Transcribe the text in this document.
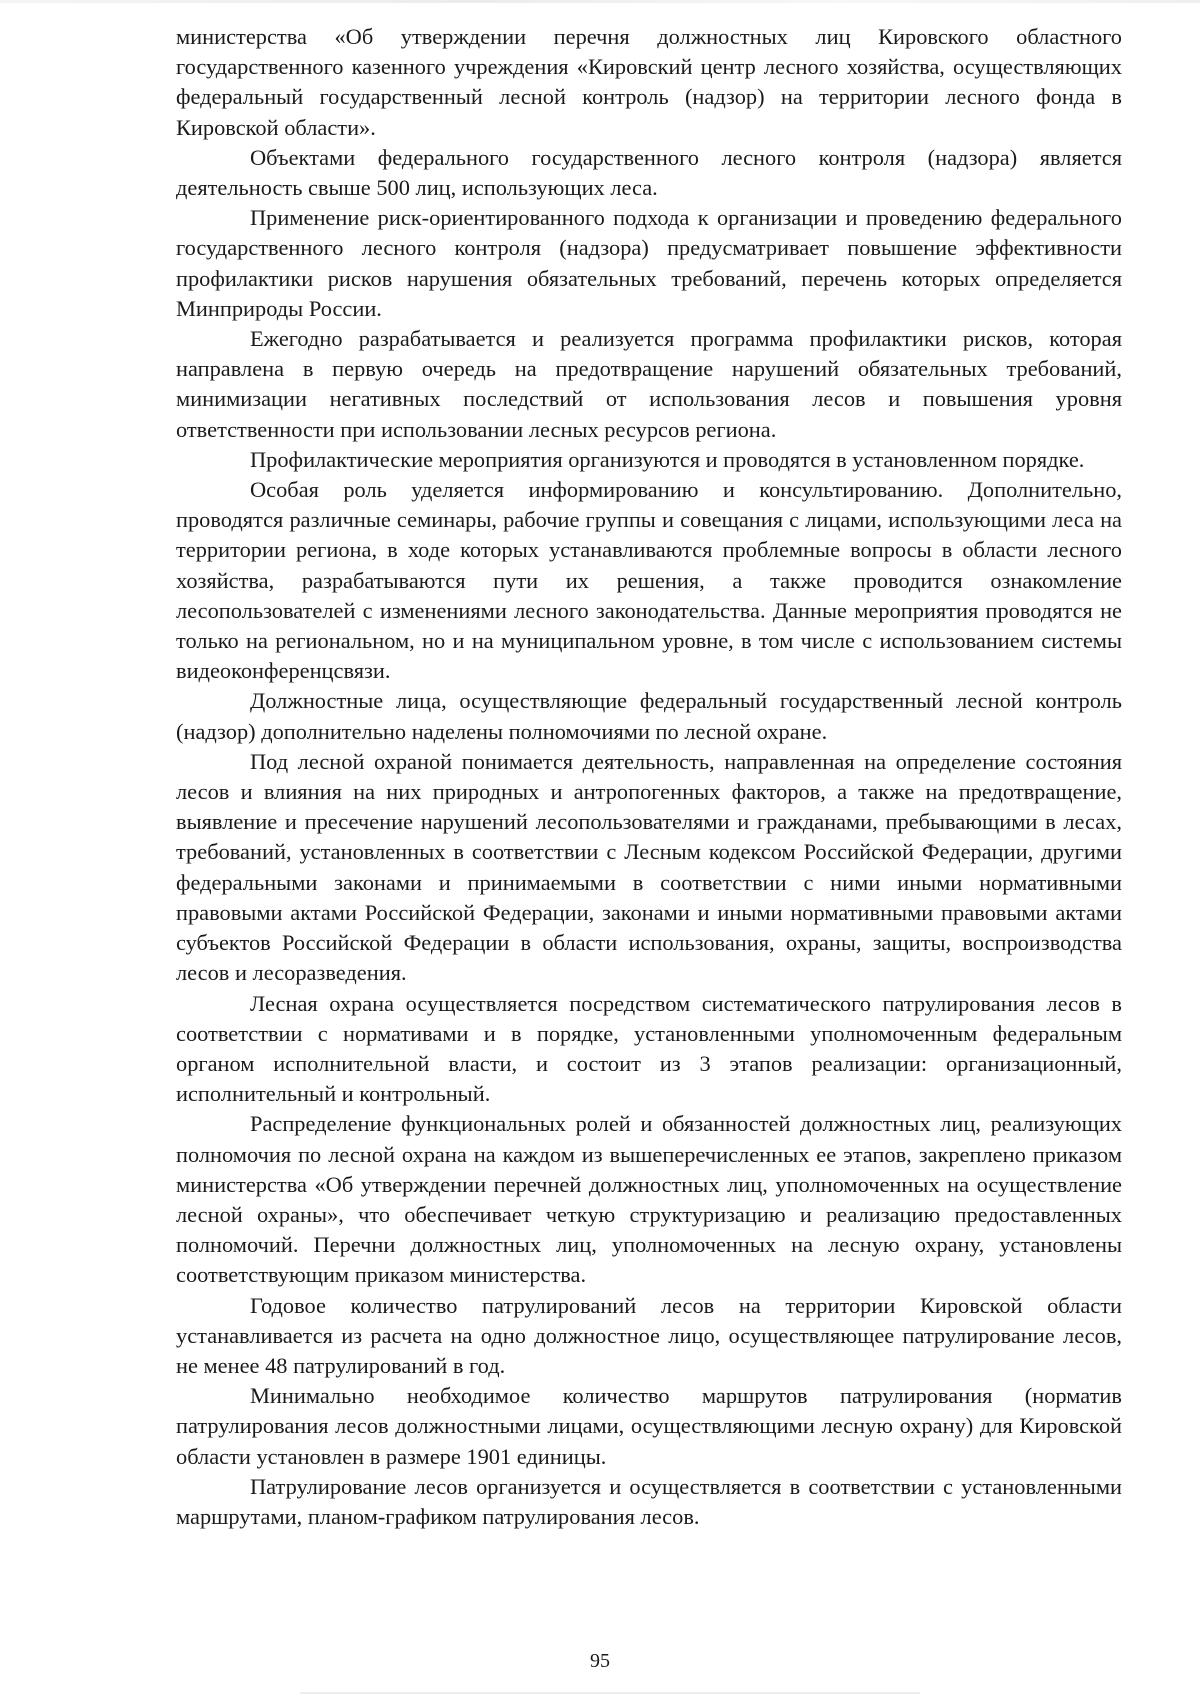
министерства «Об утверждении перечня должностных лиц Кировского областного государственного казенного учреждения «Кировский центр лесного хозяйства, осуществляющих федеральный государственный лесной контроль (надзор) на территории лесного фонда в Кировской области».

Объектами федерального государственного лесного контроля (надзора) является деятельность свыше 500 лиц, использующих леса.

Применение риск-ориентированного подхода к организации и проведению федерального государственного лесного контроля (надзора) предусматривает повышение эффективности профилактики рисков нарушения обязательных требований, перечень которых определяется Минприроды России.

Ежегодно разрабатывается и реализуется программа профилактики рисков, которая направлена в первую очередь на предотвращение нарушений обязательных требований, минимизации негативных последствий от использования лесов и повышения уровня ответственности при использовании лесных ресурсов региона.

Профилактические мероприятия организуются и проводятся в установленном порядке.

Особая роль уделяется информированию и консультированию. Дополнительно, проводятся различные семинары, рабочие группы и совещания с лицами, использующими леса на территории региона, в ходе которых устанавливаются проблемные вопросы в области лесного хозяйства, разрабатываются пути их решения, а также проводится ознакомление лесопользователей с изменениями лесного законодательства. Данные мероприятия проводятся не только на региональном, но и на муниципальном уровне, в том числе с использованием системы видеоконференцсвязи.

Должностные лица, осуществляющие федеральный государственный лесной контроль (надзор) дополнительно наделены полномочиями по лесной охране.

Под лесной охраной понимается деятельность, направленная на определение состояния лесов и влияния на них природных и антропогенных факторов, а также на предотвращение, выявление и пресечение нарушений лесопользователями и гражданами, пребывающими в лесах, требований, установленных в соответствии с Лесным кодексом Российской Федерации, другими федеральными законами и принимаемыми в соответствии с ними иными нормативными правовыми актами Российской Федерации, законами и иными нормативными правовыми актами субъектов Российской Федерации в области использования, охраны, защиты, воспроизводства лесов и лесоразведения.

Лесная охрана осуществляется посредством систематического патрулирования лесов в соответствии с нормативами и в порядке, установленными уполномоченным федеральным органом исполнительной власти, и состоит из 3 этапов реализации: организационный, исполнительный и контрольный.

Распределение функциональных ролей и обязанностей должностных лиц, реализующих полномочия по лесной охрана на каждом из вышеперечисленных ее этапов, закреплено приказом министерства «Об утверждении перечней должностных лиц, уполномоченных на осуществление лесной охраны», что обеспечивает четкую структуризацию и реализацию предоставленных полномочий. Перечни должностных лиц, уполномоченных на лесную охрану, установлены соответствующим приказом министерства.

Годовое количество патрулирований лесов на территории Кировской области устанавливается из расчета на одно должностное лицо, осуществляющее патрулирование лесов, не менее 48 патрулирований в год.

Минимально необходимое количество маршрутов патрулирования (норматив патрулирования лесов должностными лицами, осуществляющими лесную охрану) для Кировской области установлен в размере 1901 единицы.

Патрулирование лесов организуется и осуществляется в соответствии с установленными маршрутами, планом-графиком патрулирования лесов.

95
